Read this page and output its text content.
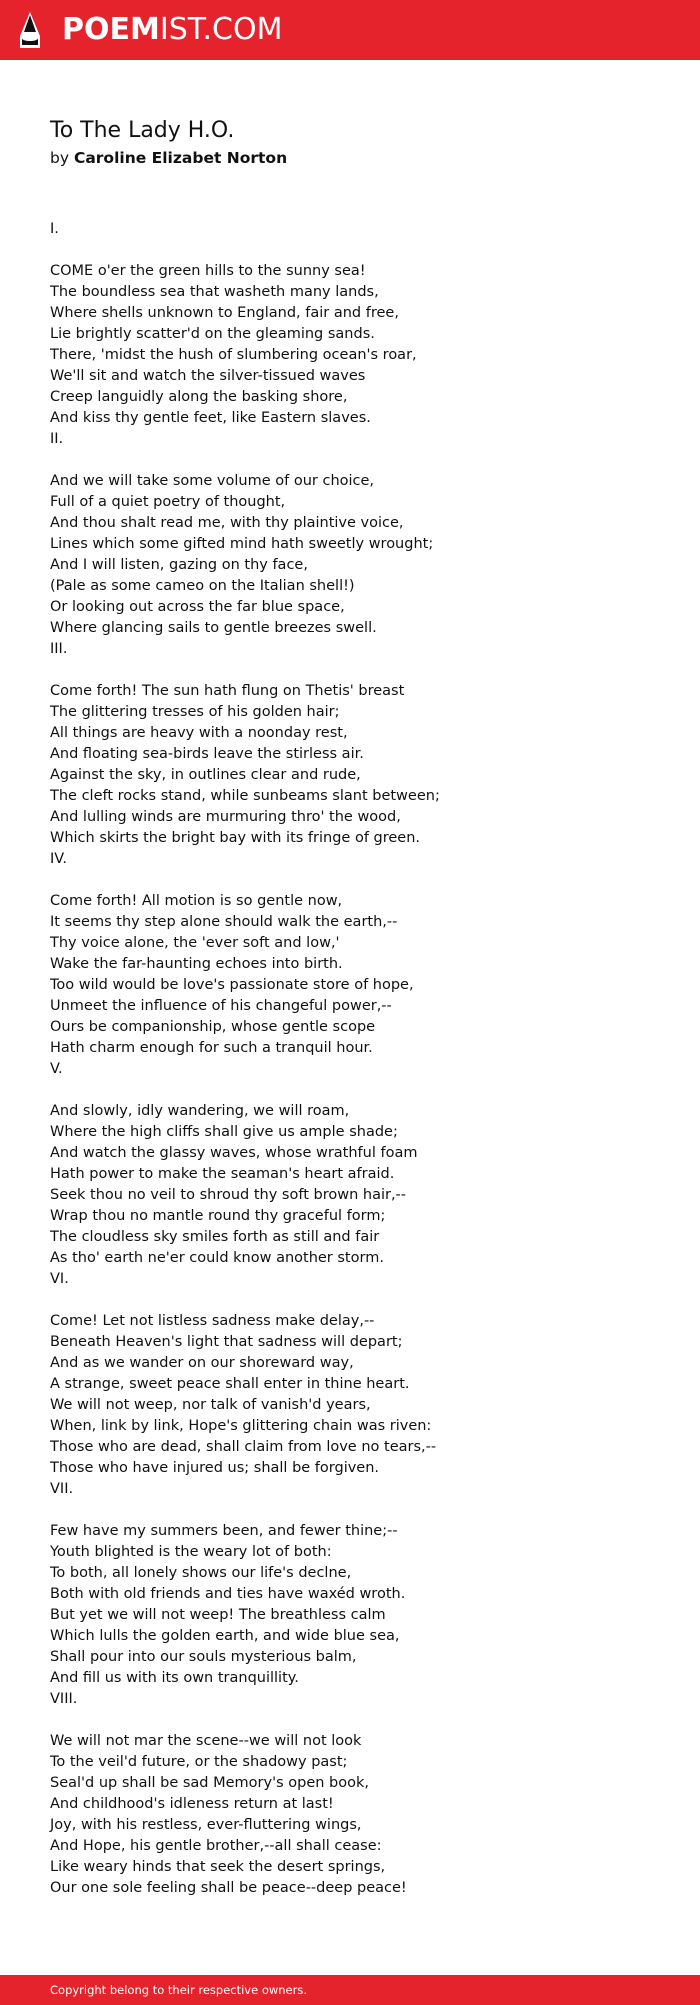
POEMIST.COM
To The Lady H.O.

by Caroline Elizabet Norton

I.
COME o'er the green hills to the sunny sea!
The boundless sea that washeth many lands,
Where shells unknown to England, fair and free,
Lie brightly scatter'd on the gleaming sands.
There, 'midst the hush of slumbering ocean's roar,
We'll sit and watch the silver-tissued waves
Creep languidly along the basking shore,
And kiss thy gentle feet, like Eastern slaves.
II.
And we will take some volume of our choice,
Full of a quiet poetry of thought,
And thou shalt read me, with thy plaintive voice,
Lines which some gifted mind hath sweetly wrought;
And I will listen, gazing on thy face,
(Pale as some cameo on the Italian shell!)
Or looking out across the far blue space,
Where glancing sails to gentle breezes swell.
III.
Come forth! The sun hath flung on Thetis' breast
The glittering tresses of his golden hair;
All things are heavy with a noonday rest,
And floating sea-birds leave the stirless air.
Against the sky, in outlines clear and rude,
The cleft rocks stand, while sunbeams slant between;
And lulling winds are murmuring thro' the wood,
Which skirts the bright bay with its fringe of green.
IV.
Come forth! All motion is so gentle now,
It seems thy step alone should walk the earth,--
Thy voice alone, the 'ever soft and low,'
Wake the far-haunting echoes into birth.
Too wild would be love's passionate store of hope,
Unmeet the influence of his changeful power,--
Ours be companionship, whose gentle scope
Hath charm enough for such a tranquil hour.
V.
And slowly, idly wandering, we will roam,
Where the high cliffs shall give us ample shade;
And watch the glassy waves, whose wrathful foam
Hath power to make the seaman's heart afraid.
Seek thou no veil to shroud thy soft brown hair,--
Wrap thou no mantle round thy graceful form;
The cloudless sky smiles forth as still and fair
As tho' earth ne'er could know another storm.
VI.
Come! Let not listless sadness make delay,--
Beneath Heaven's light that sadness will depart;
And as we wander on our shoreward way,
A strange, sweet peace shall enter in thine heart.
We will not weep, nor talk of vanish'd years,
When, link by link, Hope's glittering chain was riven:
Those who are dead, shall claim from love no tears,--
Those who have injured us; shall be forgiven.
VII.
Few have my summers been, and fewer thine;--
Youth blighted is the weary lot of both:
To both, all lonely shows our life's declne,
Both with old friends and ties have waxéd wroth.
But yet we will not weep! The breathless calm
Which lulls the golden earth, and wide blue sea,
Shall pour into our souls mysterious balm,
And fill us with its own tranquillity.
VIII.
We will not mar the scene--we will not look
To the veil'd future, or the shadowy past;
Seal'd up shall be sad Memory's open book,
And childhood's idleness return at last!
Joy, with his restless, ever-fluttering wings,
And Hope, his gentle brother,--all shall cease:
Like weary hinds that seek the desert springs,
Our one sole feeling shall be peace--deep peace!
Copyright belong to their respective owners.
